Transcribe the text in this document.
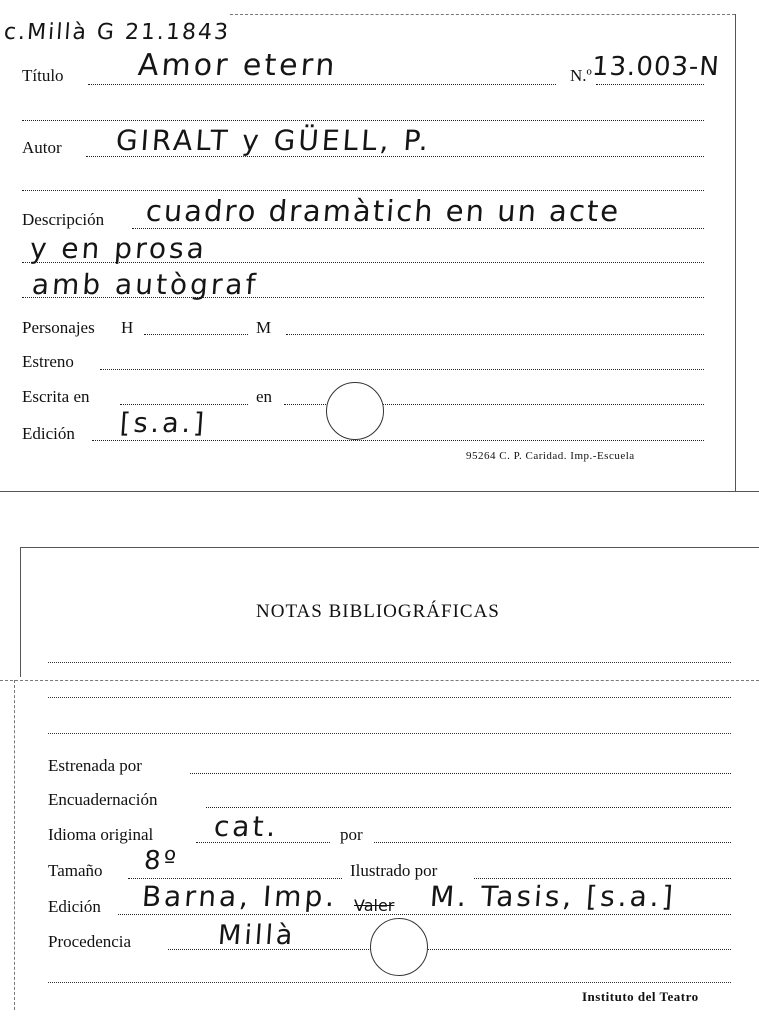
c.Millà G 21.1843
Título Amor etern	N.º 13.003-N
Autor GIRALT y GÜELL, P.
Descripción cuadro dramàtich en un acte
y en prosa
amb autògraf
Personajes H	M
Estreno
Escrita en	en
Edición [s.a.]
95264 C. P. Caridad. Imp.-Escuela
NOTAS BIBLIOGRÁFICAS
Estrenada por
Encuadernación
Idioma original cat.	por
Tamaño 8º	Ilustrado por
Edición Barna, Imp. Valer M. Tasis, [s.a.]
Procedencia	Millà
Instituto del Teatro
